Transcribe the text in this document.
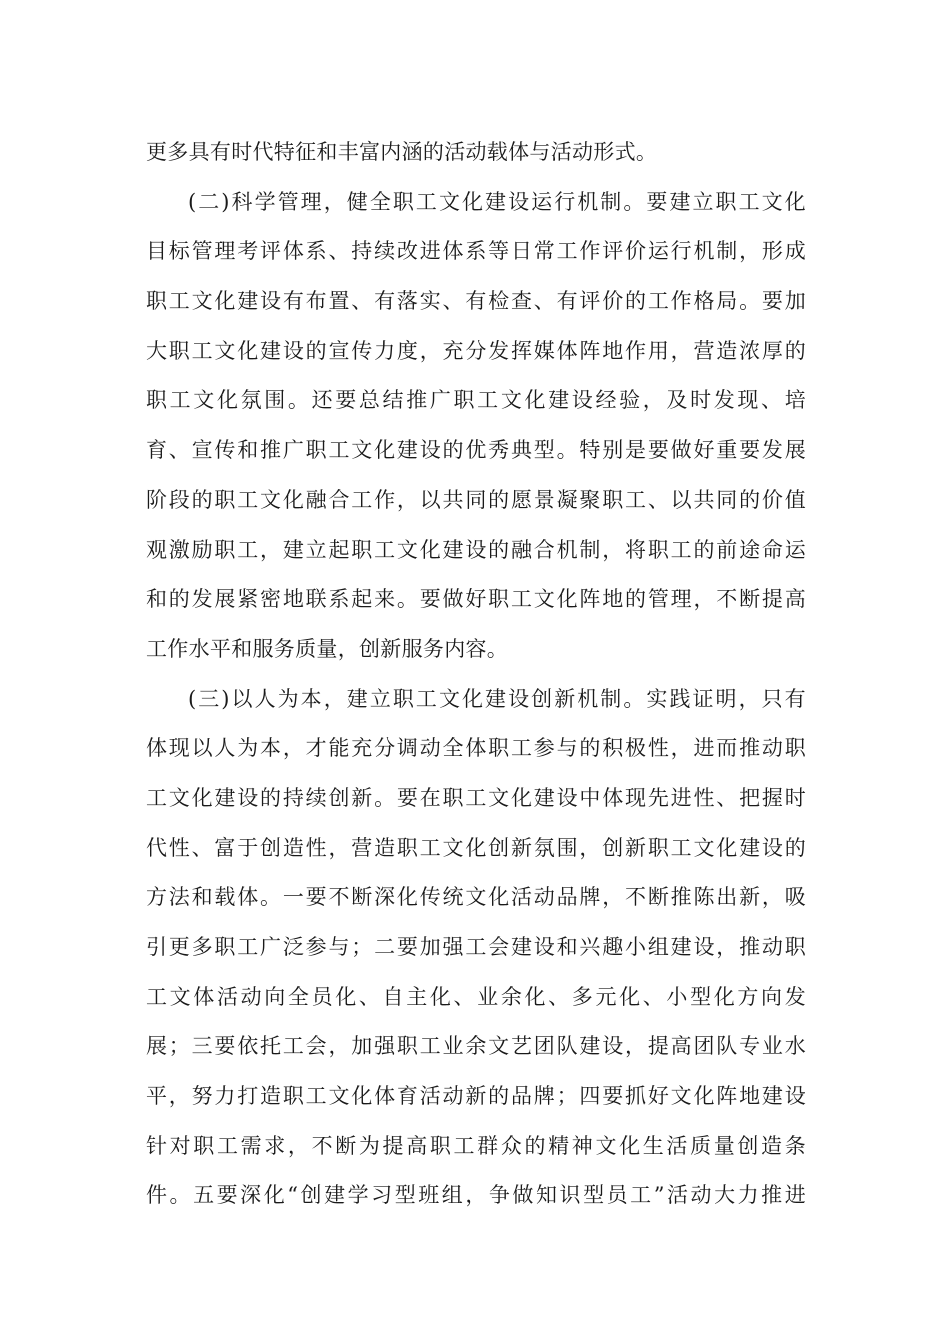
更多具有时代特征和丰富内涵的活动载体与活动形式。
(二)科学管理，健全职工文化建设运行机制。要建立职工文化
目标管理考评体系、持续改进体系等日常工作评价运行机制，形成
职工文化建设有布置、有落实、有检查、有评价的工作格局。要加
大职工文化建设的宣传力度，充分发挥媒体阵地作用，营造浓厚的
职工文化氛围。还要总结推广职工文化建设经验，及时发现、培
育、宣传和推广职工文化建设的优秀典型。特别是要做好重要发展
阶段的职工文化融合工作，以共同的愿景凝聚职工、以共同的价值
观激励职工，建立起职工文化建设的融合机制，将职工的前途命运
和的发展紧密地联系起来。要做好职工文化阵地的管理，不断提高
工作水平和服务质量，创新服务内容。
(三)以人为本，建立职工文化建设创新机制。实践证明，只有
体现以人为本，才能充分调动全体职工参与的积极性，进而推动职
工文化建设的持续创新。要在职工文化建设中体现先进性、把握时
代性、富于创造性，营造职工文化创新氛围，创新职工文化建设的
方法和载体。一要不断深化传统文化活动品牌，不断推陈出新，吸
引更多职工广泛参与；二要加强工会建设和兴趣小组建设，推动职
工文体活动向全员化、自主化、业余化、多元化、小型化方向发
展；三要依托工会，加强职工业余文艺团队建设，提高团队专业水
平，努力打造职工文化体育活动新的品牌；四要抓好文化阵地建设
针对职工需求，不断为提高职工群众的精神文化生活质量创造条
件。五要深化“创建学习型班组，争做知识型员工”活动大力推进
